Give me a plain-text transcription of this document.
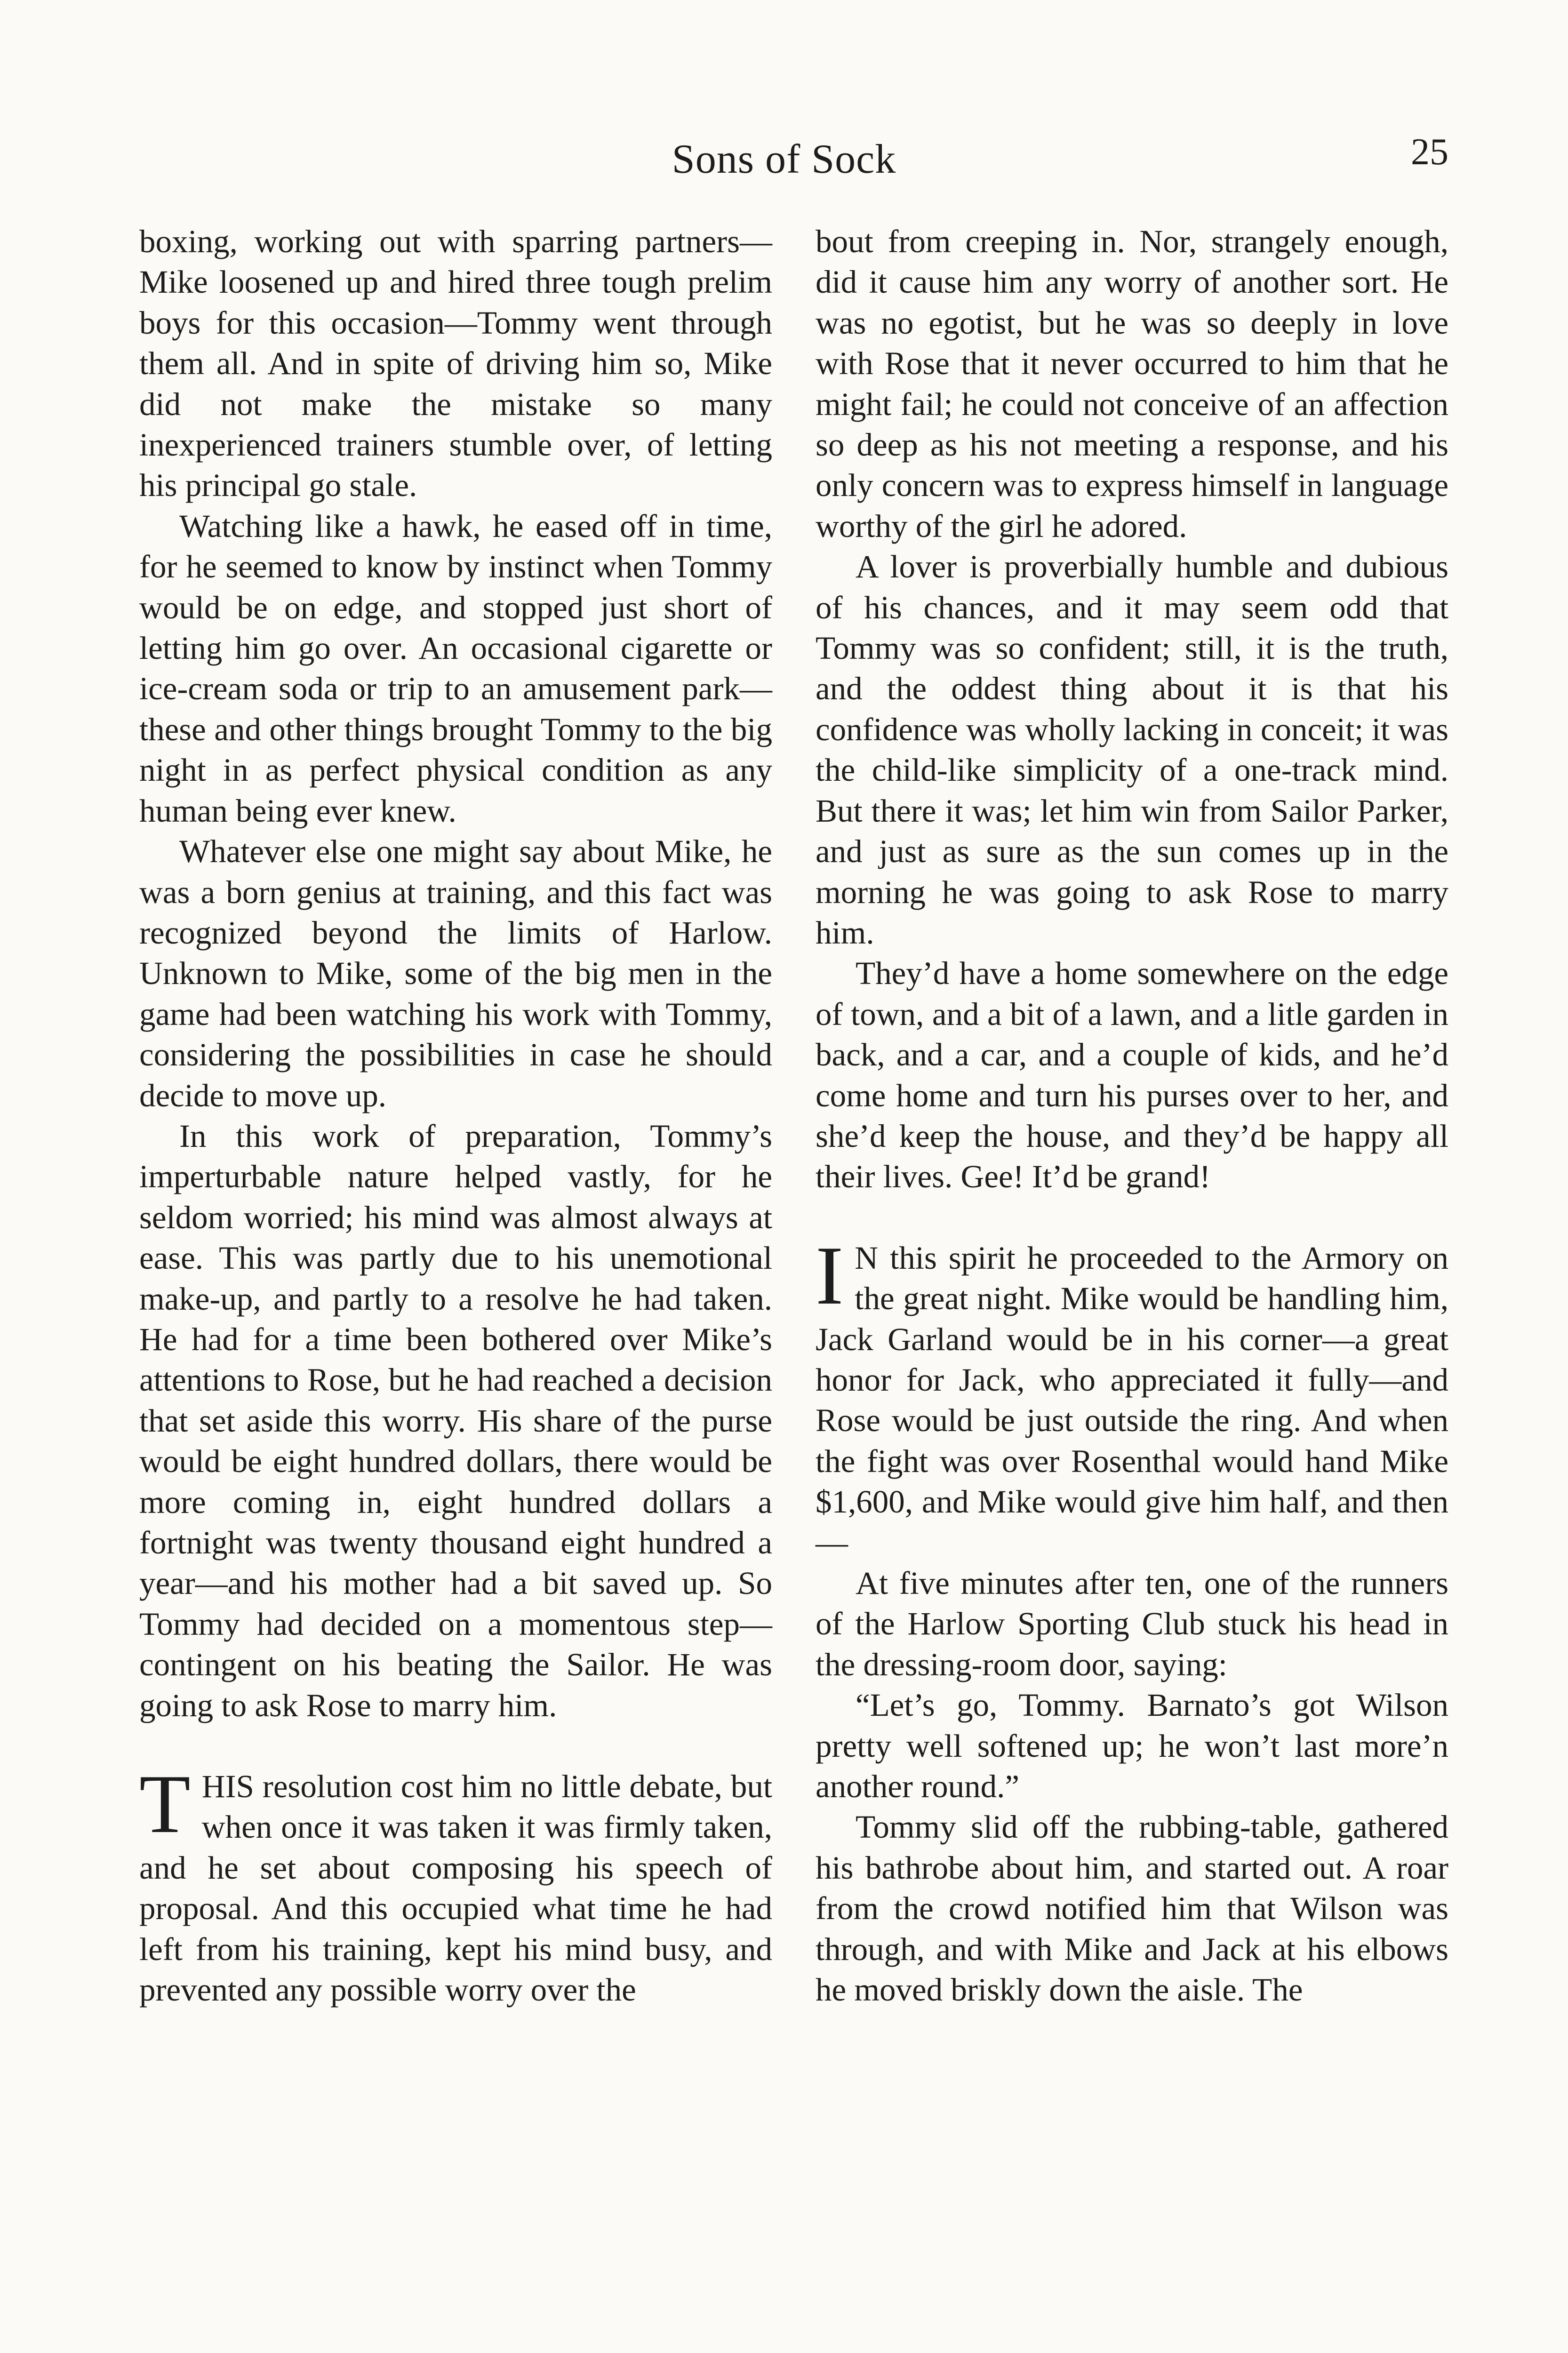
Sons of Sock	25

boxing, working out with sparring partners—Mike loosened up and hired three tough prelim boys for this occasion—Tommy went through them all. And in spite of driving him so, Mike did not make the mistake so many inexperienced trainers stumble over, of letting his principal go stale.

Watching like a hawk, he eased off in time, for he seemed to know by instinct when Tommy would be on edge, and stopped just short of letting him go over. An occasional cigarette or ice-cream soda or trip to an amusement park—these and other things brought Tommy to the big night in as perfect physical condition as any human being ever knew.

Whatever else one might say about Mike, he was a born genius at training, and this fact was recognized beyond the limits of Harlow. Unknown to Mike, some of the big men in the game had been watching his work with Tommy, considering the possibilities in case he should decide to move up.

In this work of preparation, Tommy’s imperturbable nature helped vastly, for he seldom worried; his mind was almost always at ease. This was partly due to his unemotional make-up, and partly to a resolve he had taken. He had for a time been bothered over Mike’s attentions to Rose, but he had reached a decision that set aside this worry. His share of the purse would be eight hundred dollars, there would be more coming in, eight hundred dollars a fortnight was twenty thousand eight hundred a year—and his mother had a bit saved up. So Tommy had decided on a momentous step—contingent on his beating the Sailor. He was going to ask Rose to marry him.

THIS resolution cost him no little debate, but when once it was taken it was firmly taken, and he set about composing his speech of proposal. And this occupied what time he had left from his training, kept his mind busy, and prevented any possible worry over the

bout from creeping in. Nor, strangely enough, did it cause him any worry of another sort. He was no egotist, but he was so deeply in love with Rose that it never occurred to him that he might fail; he could not conceive of an affection so deep as his not meeting a response, and his only concern was to express himself in language worthy of the girl he adored.

A lover is proverbially humble and dubious of his chances, and it may seem odd that Tommy was so confident; still, it is the truth, and the oddest thing about it is that his confidence was wholly lacking in conceit; it was the child-like simplicity of a one-track mind. But there it was; let him win from Sailor Parker, and just as sure as the sun comes up in the morning he was going to ask Rose to marry him.

They’d have a home somewhere on the edge of town, and a bit of a lawn, and a litle garden in back, and a car, and a couple of kids, and he’d come home and turn his purses over to her, and she’d keep the house, and they’d be happy all their lives. Gee! It’d be grand!

I N this spirit he proceeded to the Armory on the great night. Mike would be handling him, Jack Garland would be in his corner—a great honor for Jack, who appreciated it fully—and Rose would be just outside the ring. And when the fight was over Rosenthal would hand Mike $1,600, and Mike would give him half, and then—

At five minutes after ten, one of the runners of the Harlow Sporting Club stuck his head in the dressing-room door, saying:

“Let’s go, Tommy. Barnato’s got Wilson pretty well softened up; he won’t last more’n another round.”

Tommy slid off the rubbing-table, gathered his bathrobe about him, and started out. A roar from the crowd notified him that Wilson was through, and with Mike and Jack at his elbows he moved briskly down the aisle. The
